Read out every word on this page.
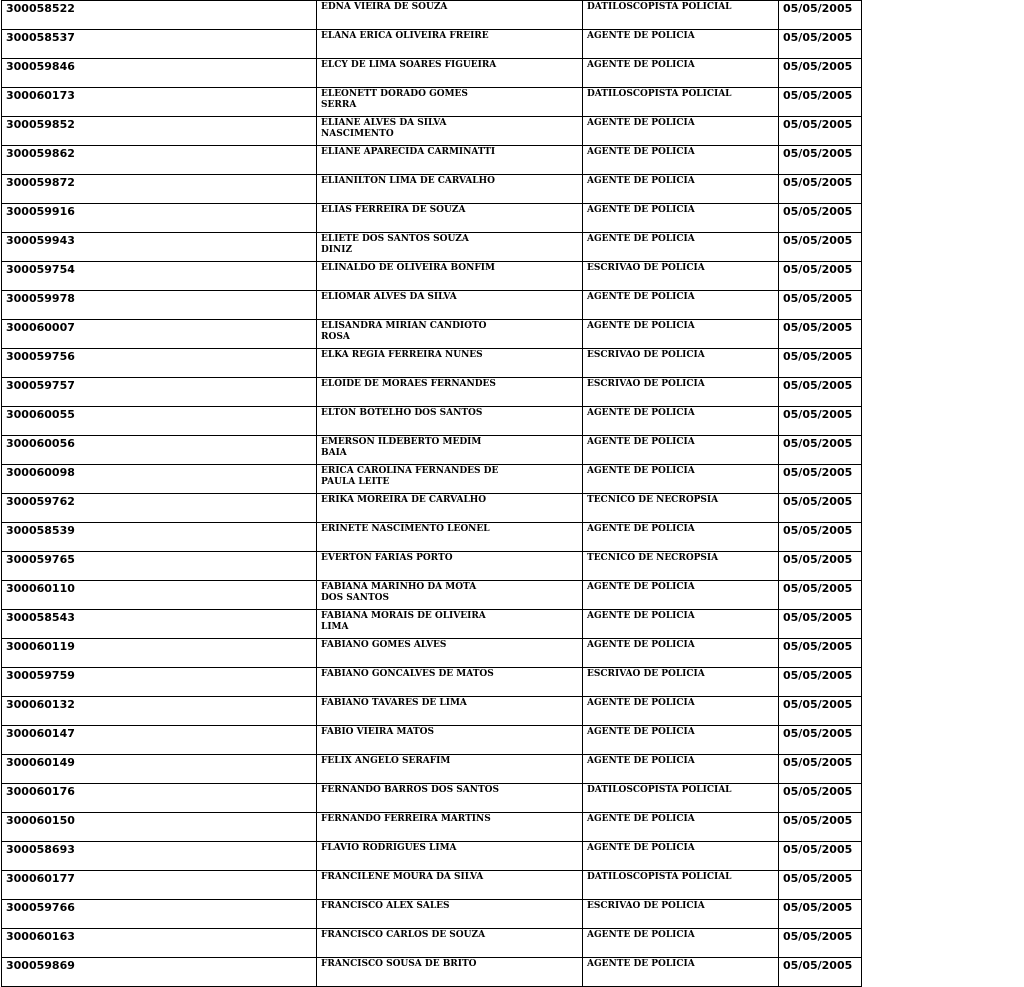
300058522	EDNA VIEIRA DE SOUZA	DATILOSCOPISTA POLICIAL	05/05/2005
300058537	ELANA ERICA OLIVEIRA FREIRE	AGENTE DE POLICIA	05/05/2005
300059846	ELCY DE LIMA SOARES FIGUEIRA	AGENTE DE POLICIA	05/05/2005
300060173	ELEONETT DORADO GOMES SERRA	DATILOSCOPISTA POLICIAL	05/05/2005
300059852	ELIANE ALVES DA SILVA NASCIMENTO	AGENTE DE POLICIA	05/05/2005
300059862	ELIANE APARECIDA CARMINATTI	AGENTE DE POLICIA	05/05/2005
300059872	ELIANILTON LIMA DE CARVALHO	AGENTE DE POLICIA	05/05/2005
300059916	ELIAS FERREIRA DE SOUZA	AGENTE DE POLICIA	05/05/2005
300059943	ELIETE DOS SANTOS SOUZA DINIZ	AGENTE DE POLICIA	05/05/2005
300059754	ELINALDO DE OLIVEIRA BONFIM	ESCRIVAO DE POLICIA	05/05/2005
300059978	ELIOMAR ALVES DA SILVA	AGENTE DE POLICIA	05/05/2005
300060007	ELISANDRA MIRIAN CANDIOTO ROSA	AGENTE DE POLICIA	05/05/2005
300059756	ELKA REGIA FERREIRA NUNES	ESCRIVAO DE POLICIA	05/05/2005
300059757	ELOIDE DE MORAES FERNANDES	ESCRIVAO DE POLICIA	05/05/2005
300060055	ELTON BOTELHO DOS SANTOS	AGENTE DE POLICIA	05/05/2005
300060056	EMERSON ILDEBERTO MEDIM BAIA	AGENTE DE POLICIA	05/05/2005
300060098	ERICA CAROLINA FERNANDES DE PAULA LEITE	AGENTE DE POLÍCIA	05/05/2005
300059762	ERIKA MOREIRA DE CARVALHO	TECNICO DE NECROPSIA	05/05/2005
300058539	ERINETE NASCIMENTO LEONEL	AGENTE DE POLICIA	05/05/2005
300059765	EVERTON FARIAS PORTO	TECNICO DE NECROPSIA	05/05/2005
300060110	FABIANA MARINHO DA MOTA DOS SANTOS	AGENTE DE POLICIA	05/05/2005
300058543	FABIANA MORAIS DE OLIVEIRA LIMA	AGENTE DE POLICIA	05/05/2005
300060119	FABIANO GOMES ALVES	AGENTE DE POLICIA	05/05/2005
300059759	FABIANO GONCALVES DE MATOS	ESCRIVAO DE POLICIA	05/05/2005
300060132	FABIANO TAVARES DE LIMA	AGENTE DE POLICIA	05/05/2005
300060147	FABIO VIEIRA MATOS	AGENTE DE POLICIA	05/05/2005
300060149	FELIX ANGELO SERAFIM	AGENTE DE POLICIA	05/05/2005
300060176	FERNANDO BARROS DOS SANTOS	DATILOSCOPISTA POLICIAL	05/05/2005
300060150	FERNANDO FERREIRA MARTINS	AGENTE DE POLICIA	05/05/2005
300058693	FLAVIO RODRIGUES LIMA	AGENTE DE POLICIA	05/05/2005
300060177	FRANCILENE MOURA DA SILVA	DATILOSCOPISTA POLICIAL	05/05/2005
300059766	FRANCISCO ALEX SALES	ESCRIVAO DE POLICIA	05/05/2005
300060163	FRANCISCO CARLOS DE SOUZA	AGENTE DE POLICIA	05/05/2005
300059869	FRANCISCO SOUSA DE BRITO	AGENTE DE POLICIA	05/05/2005
